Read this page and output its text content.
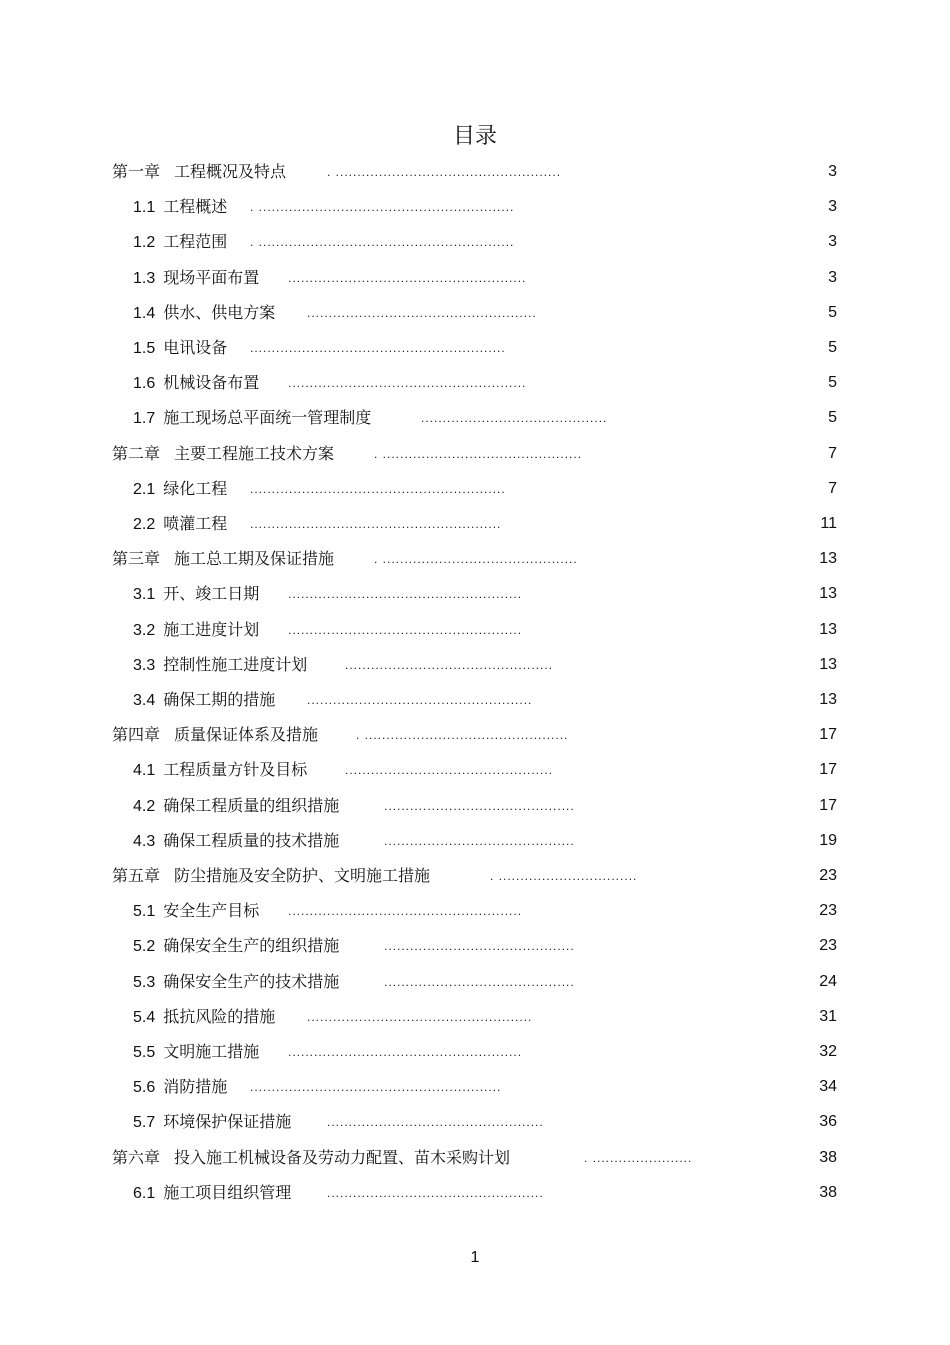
目录
第一章 工程概况及特点	. ....................................................	3
1.1 工程概述 . ...........................................................	3
1.2 工程范围 . ...........................................................	3
1.3 现场平面布置 .......................................................	3
1.4 供水、供电方案	.....................................................	5
1.5 电讯设备 ...........................................................	5
1.6 机械设备布置 .......................................................	5
1.7 施工现场总平面统一管理制度	...........................................	5
第二章 主要工程施工技术方案	. ..............................................	7
2.1 绿化工程 ...........................................................	7
2.2 喷灌工程 ..........................................................	11
第三章 施工总工期及保证措施	. .............................................	13
3.1 开、竣工日期 ......................................................	13
3.2 施工进度计划 ......................................................	13
3.3 控制性施工进度计划	................................................	13
3.4 确保工期的措施	....................................................	13
第四章 质量保证体系及措施	. ...............................................	17
4.1 工程质量方针及目标	................................................	17
4.2 确保工程质量的组织措施	............................................	17
4.3 确保工程质量的技术措施	............................................	19
第五章 防尘措施及安全防护、文明施工措施	. ................................	23
5.1 安全生产目标 ......................................................	23
5.2 确保安全生产的组织措施	............................................	23
5.3 确保安全生产的技术措施	............................................	24
5.4 抵抗风险的措施	....................................................	31
5.5 文明施工措施 ......................................................	32
5.6 消防措施 ..........................................................	34
5.7 环境保护保证措施	..................................................	36
第六章 投入施工机械设备及劳动力配置、苗木采购计划	. .......................	38
6.1 施工项目组织管理	..................................................	38
1
